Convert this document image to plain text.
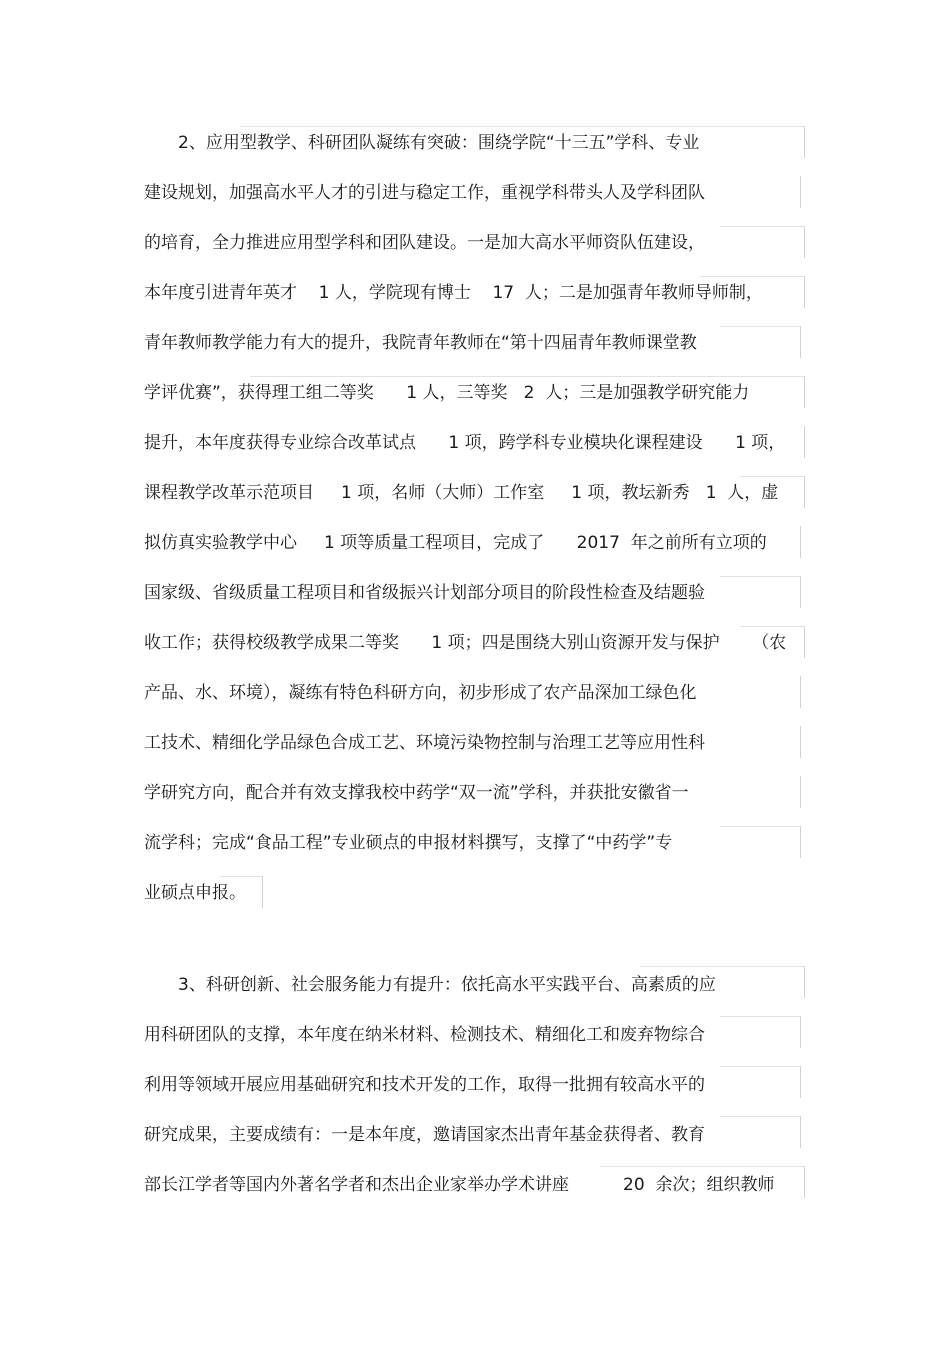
2、应用型教学、科研团队凝练有突破：围绕学院“十三五”学科、专业
建设规划，加强高水平人才的引进与稳定工作，重视学科带头人及学科团队
的培育，全力推进应用型学科和团队建设。一是加大高水平师资队伍建设，
本年度引进青年英才    1 人，学院现有博士    17  人；二是加强青年教师导师制，
青年教师教学能力有大的提升，我院青年教师在“第十四届青年教师课堂教
学评优赛”，获得理工组二等奖      1 人，三等奖   2  人；三是加强教学研究能力
提升，本年度获得专业综合改革试点      1 项，跨学科专业模块化课程建设      1 项，
课程教学改革示范项目     1 项，名师（大师）工作室     1 项，教坛新秀   1  人，虚
拟仿真实验教学中心     1 项等质量工程项目，完成了      2017  年之前所有立项的
国家级、省级质量工程项目和省级振兴计划部分项目的阶段性检查及结题验
收工作；获得校级教学成果二等奖      1 项；四是围绕大别山资源开发与保护      （农
产品、水、环境），凝练有特色科研方向，初步形成了农产品深加工绿色化
工技术、精细化学品绿色合成工艺、环境污染物控制与治理工艺等应用性科
学研究方向，配合并有效支撑我校中药学“双一流”学科，并获批安徽省一
流学科；完成“食品工程”专业硕点的申报材料撰写，支撑了“中药学”专
业硕点申报。
3、科研创新、社会服务能力有提升：依托高水平实践平台、高素质的应
用科研团队的支撑，本年度在纳米材料、检测技术、精细化工和废弃物综合
利用等领域开展应用基础研究和技术开发的工作，取得一批拥有较高水平的
研究成果，主要成绩有：一是本年度，邀请国家杰出青年基金获得者、教育
部长江学者等国内外著名学者和杰出企业家举办学术讲座          20  余次；组织教师
